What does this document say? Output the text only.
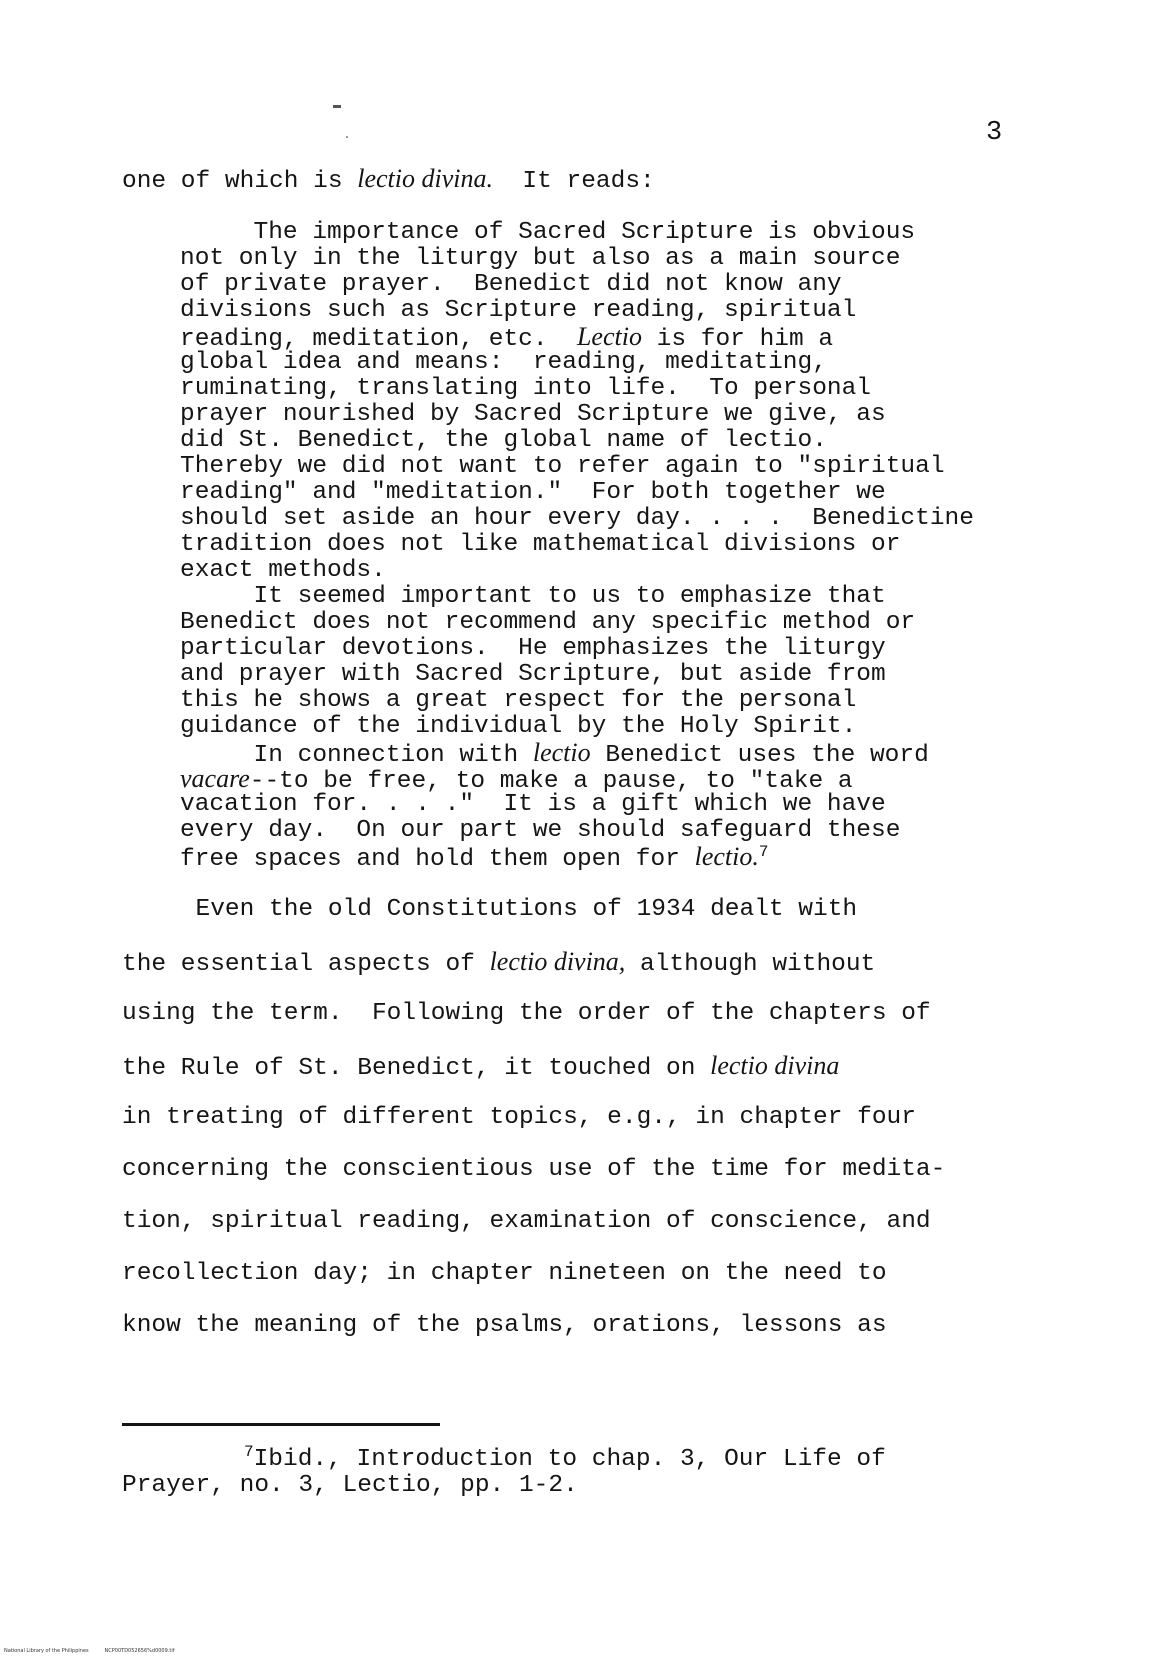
3
one of which is lectio divina.  It reads:
The importance of Sacred Scripture is obvious
not only in the liturgy but also as a main source
of private prayer.  Benedict did not know any
divisions such as Scripture reading, spiritual
reading, meditation, etc.  Lectio is for him a
global idea and means:  reading, meditating,
ruminating, translating into life.  To personal
prayer nourished by Sacred Scripture we give, as
did St. Benedict, the global name of lectio.
Thereby we did not want to refer again to "spiritual
reading" and "meditation."  For both together we
should set aside an hour every day. . . .  Benedictine
tradition does not like mathematical divisions or
exact methods.
It seemed important to us to emphasize that
Benedict does not recommend any specific method or
particular devotions.  He emphasizes the liturgy
and prayer with Sacred Scripture, but aside from
this he shows a great respect for the personal
guidance of the individual by the Holy Spirit.
In connection with lectio Benedict uses the word
vacare--to be free, to make a pause, to "take a
vacation for. . . ."  It is a gift which we have
every day.  On our part we should safeguard these
free spaces and hold them open for lectio.$^7$
Even the old Constitutions of 1934 dealt with
the essential aspects of lectio divina, although without
using the term.  Following the order of the chapters of
the Rule of St. Benedict, it touched on lectio divina
in treating of different topics, e.g., in chapter four
concerning the conscientious use of the time for medita-
tion, spiritual reading, examination of conscience, and
recollection day; in chapter nineteen on the need to
know the meaning of the psalms, orations, lessons as
$^7$Ibid., Introduction to chap. 3, Our Life of
Prayer, no. 3, Lectio, pp. 1-2.
National Library of the Philippines	NCP00TD052656%d0009.tif
